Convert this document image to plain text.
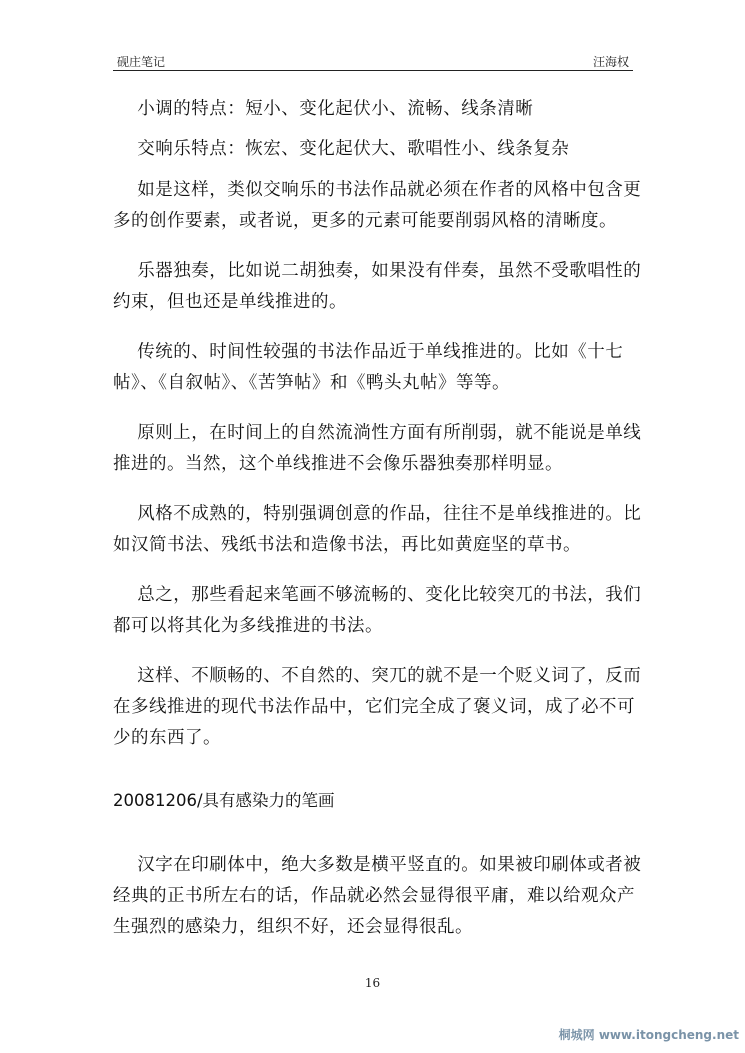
砚庄笔记	汪海权
小调的特点：短小、变化起伏小、流畅、线条清晰
交响乐特点：恢宏、变化起伏大、歌唱性小、线条复杂
如是这样，类似交响乐的书法作品就必须在作者的风格中包含更多的创作要素，或者说，更多的元素可能要削弱风格的清晰度。
乐器独奏，比如说二胡独奏，如果没有伴奏，虽然不受歌唱性的约束，但也还是单线推进的。
传统的、时间性较强的书法作品近于单线推进的。比如《十七帖》、《自叙帖》、《苦笋帖》和《鸭头丸帖》等等。
原则上，在时间上的自然流淌性方面有所削弱，就不能说是单线推进的。当然，这个单线推进不会像乐器独奏那样明显。
风格不成熟的，特别强调创意的作品，往往不是单线推进的。比如汉简书法、残纸书法和造像书法，再比如黄庭坚的草书。
总之，那些看起来笔画不够流畅的、变化比较突兀的书法，我们都可以将其化为多线推进的书法。
这样、不顺畅的、不自然的、突兀的就不是一个贬义词了，反而在多线推进的现代书法作品中，它们完全成了褒义词，成了必不可少的东西了。
20081206/具有感染力的笔画
汉字在印刷体中，绝大多数是横平竖直的。如果被印刷体或者被经典的正书所左右的话，作品就必然会显得很平庸，难以给观众产生强烈的感染力，组织不好，还会显得很乱。
16
桐城网 www.itongcheng.net
